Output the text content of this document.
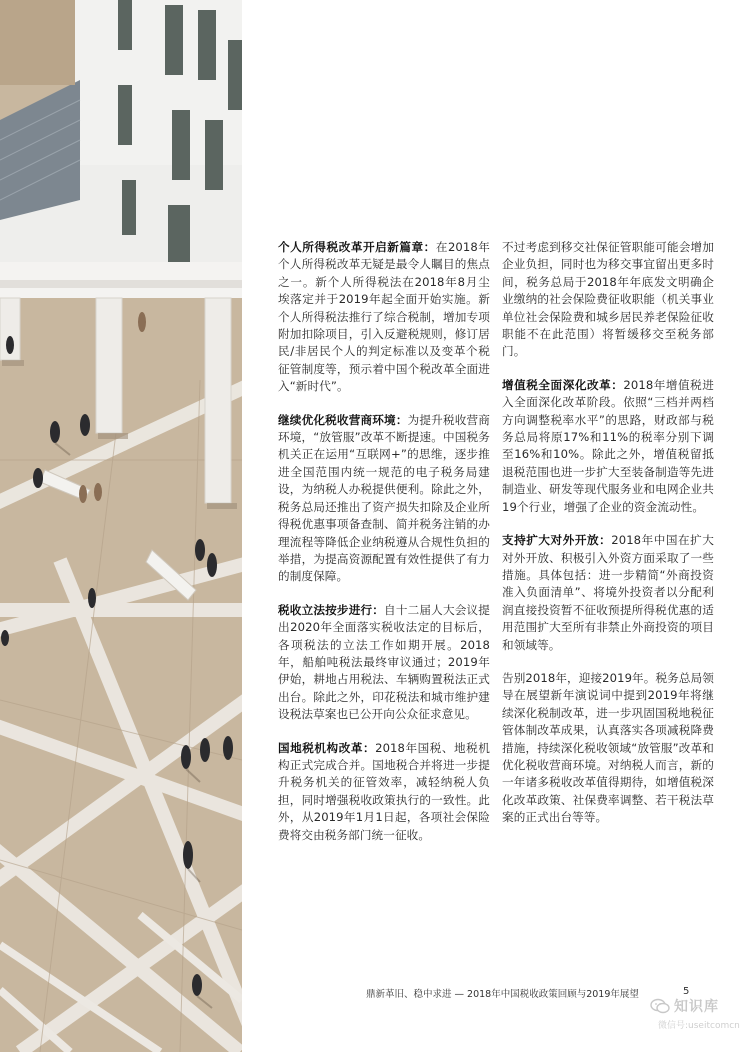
个人所得税改革开启新篇章：在2018年个人所得税改革无疑是最令人瞩目的焦点之一。新个人所得税法在2018年8月尘埃落定并于2019年起全面开始实施。新个人所得税法推行了综合税制，增加专项附加扣除项目，引入反避税规则，修订居民/非居民个人的判定标准以及变革个税征管制度等，预示着中国个税改革全面进入“新时代”。

继续优化税收营商环境：为提升税收营商环境，“放管服”改革不断提速。中国税务机关正在运用“互联网+”的思维，逐步推进全国范围内统一规范的电子税务局建设，为纳税人办税提供便利。除此之外，税务总局还推出了资产损失扣除及企业所得税优惠事项备查制、简并税务注销的办理流程等降低企业纳税遵从合规性负担的举措，为提高资源配置有效性提供了有力的制度保障。

税收立法按步进行：自十二届人大会议提出2020年全面落实税收法定的目标后，各项税法的立法工作如期开展。2018年，船舶吨税法最终审议通过；2019年伊始，耕地占用税法、车辆购置税法正式出台。除此之外，印花税法和城市维护建设税法草案也已公开向公众征求意见。

国地税机构改革：2018年国税、地税机构正式完成合并。国地税合并将进一步提升税务机关的征管效率，减轻纳税人负担，同时增强税收政策执行的一致性。此外，从2019年1月1日起，各项社会保险费将交由税务部门统一征收。

不过考虑到移交社保征管职能可能会增加企业负担，同时也为移交事宜留出更多时间，税务总局于2018年年底发文明确企业缴纳的社会保险费征收职能（机关事业单位社会保险费和城乡居民养老保险征收职能不在此范围）将暂缓移交至税务部门。

增值税全面深化改革：2018年增值税进入全面深化改革阶段。依照“三档并两档方向调整税率水平”的思路，财政部与税务总局将原17%和11%的税率分别下调至16%和10%。除此之外，增值税留抵退税范围也进一步扩大至装备制造等先进制造业、研发等现代服务业和电网企业共19个行业，增强了企业的资金流动性。

支持扩大对外开放：2018年中国在扩大对外开放、积极引入外资方面采取了一些措施。具体包括：进一步精简“外商投资准入负面清单”、将境外投资者以分配利润直接投资暂不征收预提所得税优惠的适用范围扩大至所有非禁止外商投资的项目和领域等。

告别2018年，迎接2019年。税务总局领导在展望新年演说词中提到2019年将继续深化税制改革，进一步巩固国税地税征管体制改革成果，认真落实各项减税降费措施，持续深化税收领域“放管服”改革和优化税收营商环境。对纳税人而言，新的一年诸多税收改革值得期待，如增值税深化改革政策、社保费率调整、若干税法草案的正式出台等等。

鼎新革旧、稳中求进 — 2018年中国税收政策回顾与2019年展望	5
知识库
微信号:useitcomcn
